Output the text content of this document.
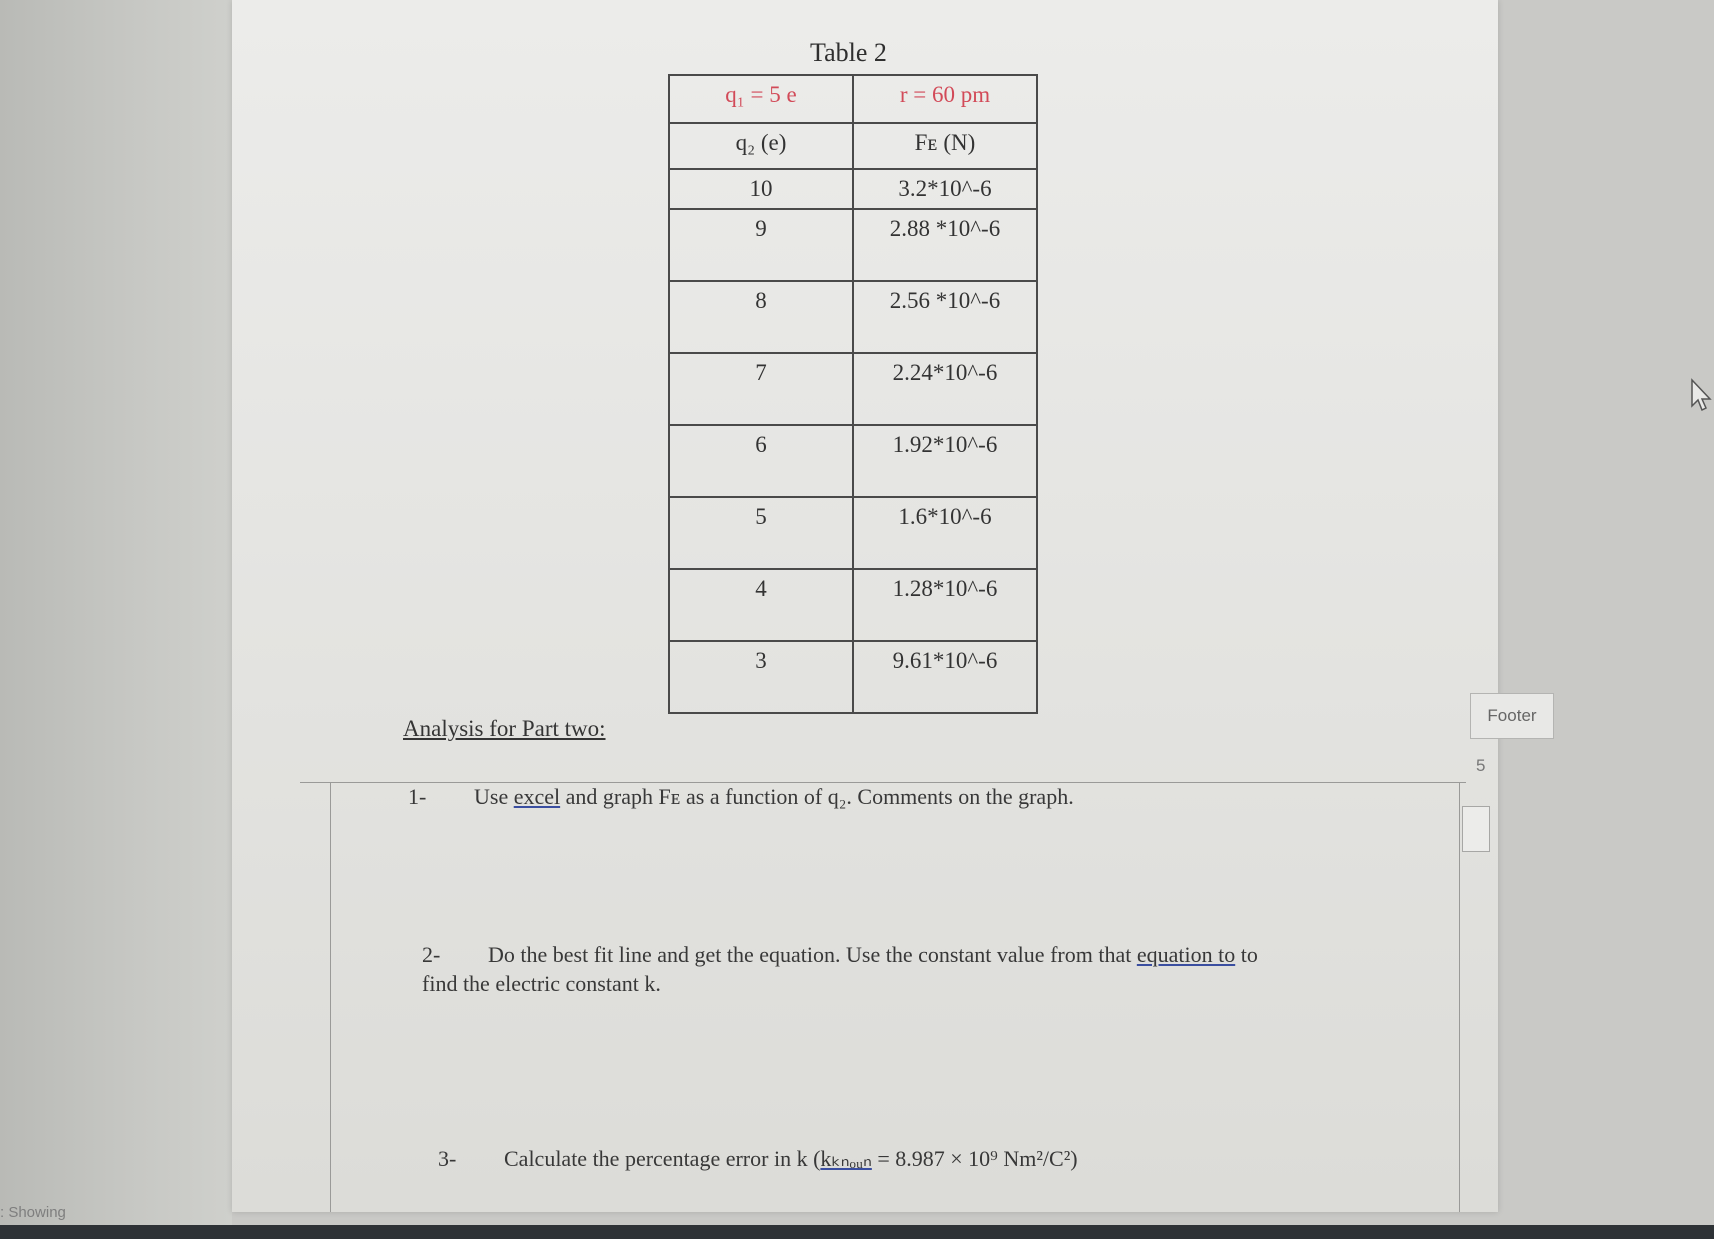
Table 2
q₁ = 5 e	r = 60 pm
q₂ (e)	Fᴇ (N)
10	3.2*10^-6
9	2.88 *10^-6
8	2.56 *10^-6
7	2.24*10^-6
6	1.92*10^-6
5	1.6*10^-6
4	1.28*10^-6
3	9.61*10^-6
Analysis for Part two:
1- Use excel and graph Fᴇ as a function of q₂. Comments on the graph.
2- Do the best fit line and get the equation. Use the constant value from that equation to to
find the electric constant k.
3- Calculate the percentage error in k (kₖₙₒᵤₙ = 8.987 × 10⁹ Nm²/C²)
Footer
5
: Showing
